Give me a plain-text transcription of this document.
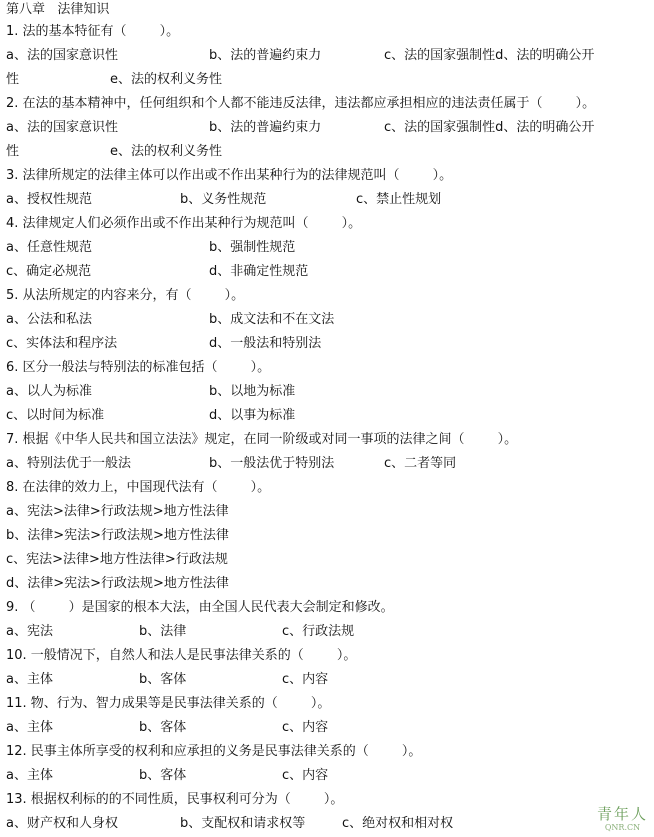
第八章   法律知识
1. 法的基本特征有（        ）。
a、法的国家意识性	b、法的普遍约束力	c、法的国家强制性d、法的明确公开
性	e、法的权利义务性
2. 在法的基本精神中，任何组织和个人都不能违反法律，违法都应承担相应的违法责任属于（        ）。
a、法的国家意识性	b、法的普遍约束力	c、法的国家强制性d、法的明确公开
性	e、法的权利义务性
3. 法律所规定的法律主体可以作出或不作出某种行为的法律规范叫（        ）。
a、授权性规范	b、义务性规范	c、禁止性规划
4. 法律规定人们必须作出或不作出某种行为规范叫（        ）。
a、任意性规范	b、强制性规范
c、确定必规范	d、非确定性规范
5. 从法所规定的内容来分，有（        ）。
a、公法和私法	b、成文法和不在文法
c、实体法和程序法	d、一般法和特别法
6. 区分一般法与特别法的标准包括（        ）。
a、以人为标准	b、以地为标准
c、以时间为标准	d、以事为标准
7. 根据《中华人民共和国立法法》规定，在同一阶级或对同一事项的法律之间（        ）。
a、特别法优于一般法	b、一般法优于特别法	c、二者等同
8. 在法律的效力上，中国现代法有（        ）。
a、宪法>法律>行政法规>地方性法律
b、法律>宪法>行政法规>地方性法律
c、宪法>法律>地方性法律>行政法规
d、法律>宪法>行政法规>地方性法律
9. （        ）是国家的根本大法，由全国人民代表大会制定和修改。
a、宪法	b、法律	c、行政法规
10. 一般情况下，自然人和法人是民事法律关系的（        ）。
a、主体	b、客体	c、内容
11. 物、行为、智力成果等是民事法律关系的（        ）。
a、主体	b、客体	c、内容
12. 民事主体所享受的权利和应承担的义务是民事法律关系的（        ）。
a、主体	b、客体	c、内容
13. 根据权利标的的不同性质，民事权利可分为（        ）。
a、财产权和人身权	b、支配权和请求权等	c、绝对权和相对权
青年人
QNR.CN
